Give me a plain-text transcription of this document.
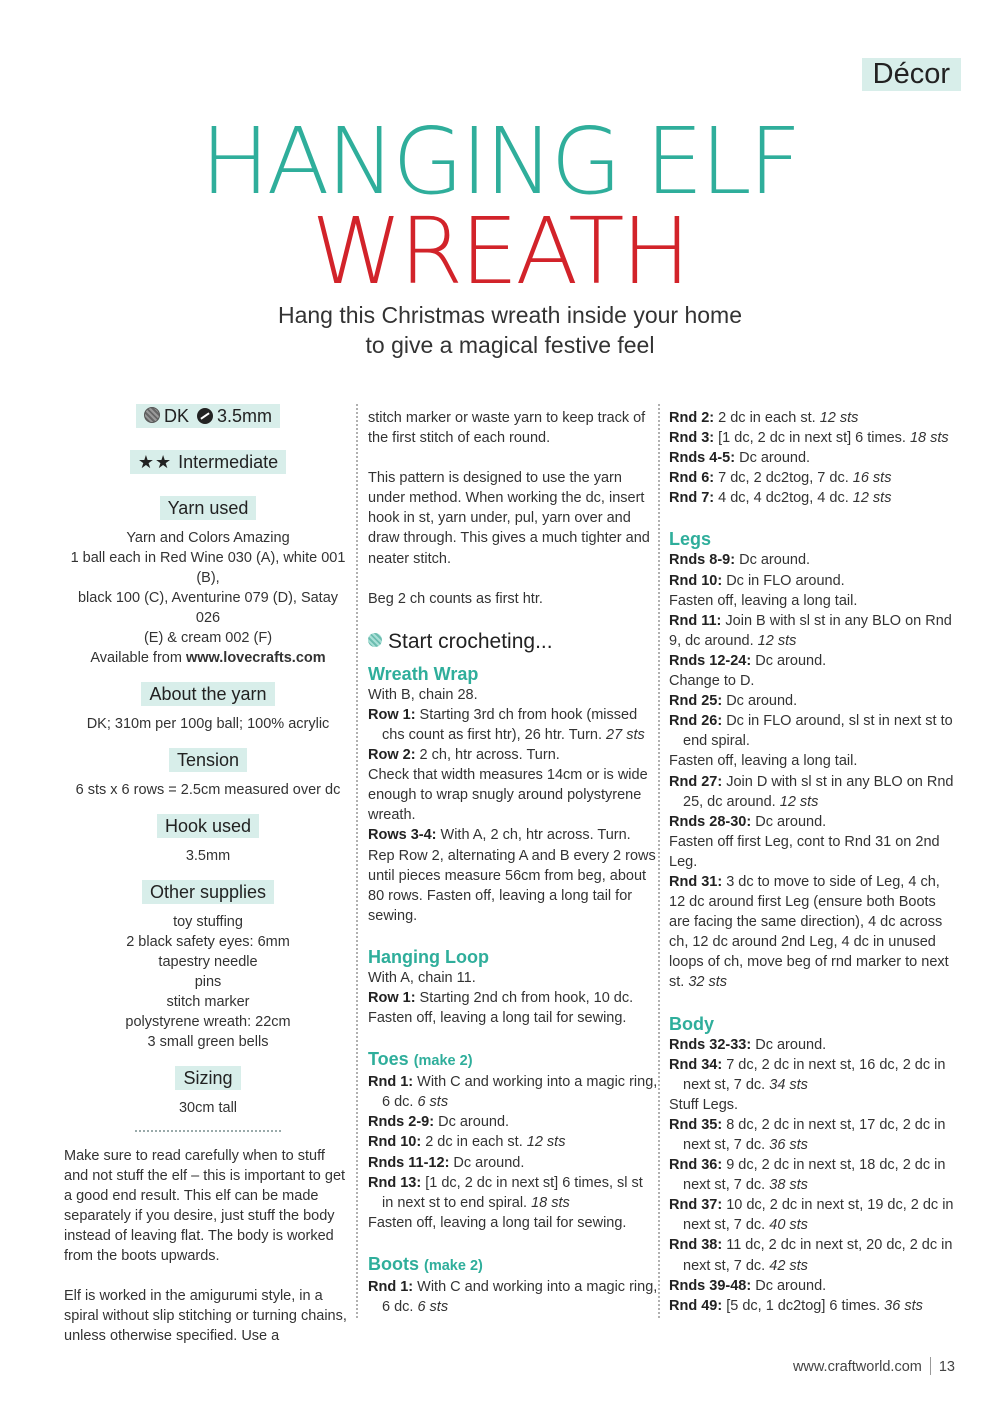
Décor
HANGING ELF
WREATH
Hang this Christmas wreath inside your home
to give a magical festive feel
DK 3.5mm
★★ Intermediate
Yarn used
Yarn and Colors Amazing
1 ball each in Red Wine 030 (A), white 001 (B),
black 100 (C), Aventurine 079 (D), Satay 026
(E) & cream 002 (F)
Available from www.lovecrafts.com
About the yarn
DK; 310m per 100g ball; 100% acrylic
Tension
6 sts x 6 rows = 2.5cm measured over dc
Hook used
3.5mm
Other supplies
toy stuffing
2 black safety eyes: 6mm
tapestry needle
pins
stitch marker
polystyrene wreath: 22cm
3 small green bells
Sizing
30cm tall

Make sure to read carefully when to stuff and not stuff the elf – this is important to get a good end result. This elf can be made separately if you desire, just stuff the body instead of leaving flat. The body is worked from the boots upwards.

Elf is worked in the amigurumi style, in a spiral without slip stitching or turning chains, unless otherwise specified. Use a

stitch marker or waste yarn to keep track of the first stitch of each round.

This pattern is designed to use the yarn under method. When working the dc, insert hook in st, yarn under, pul, yarn over and draw through. This gives a much tighter and neater stitch.

Beg 2 ch counts as first htr.

Start crocheting...
Wreath Wrap

With B, chain 28.

Row 1: Starting 3rd ch from hook (missed chs count as first htr), 26 htr. Turn. 27 sts

Row 2: 2 ch, htr across. Turn.

Check that width measures 14cm or is wide enough to wrap snugly around polystyrene wreath.

Rows 3-4: With A, 2 ch, htr across. Turn.

Rep Row 2, alternating A and B every 2 rows until pieces measure 56cm from beg, about 80 rows. Fasten off, leaving a long tail for sewing.

Hanging Loop

With A, chain 11.

Row 1: Starting 2nd ch from hook, 10 dc.

Fasten off, leaving a long tail for sewing.

Toes (make 2)

Rnd 1: With C and working into a magic ring, 6 dc. 6 sts

Rnds 2-9: Dc around.

Rnd 10: 2 dc in each st. 12 sts

Rnds 11-12: Dc around.

Rnd 13: [1 dc, 2 dc in next st] 6 times, sl st in next st to end spiral. 18 sts

Fasten off, leaving a long tail for sewing.

Boots (make 2)

Rnd 1: With C and working into a magic ring, 6 dc. 6 sts

Rnd 2: 2 dc in each st. 12 sts

Rnd 3: [1 dc, 2 dc in next st] 6 times. 18 sts

Rnds 4-5: Dc around.

Rnd 6: 7 dc, 2 dc2tog, 7 dc. 16 sts

Rnd 7: 4 dc, 4 dc2tog, 4 dc. 12 sts

Legs

Rnds 8-9: Dc around.

Rnd 10: Dc in FLO around.

Fasten off, leaving a long tail.

Rnd 11: Join B with sl st in any BLO on Rnd 9, dc around. 12 sts

Rnds 12-24: Dc around.

Change to D.

Rnd 25: Dc around.

Rnd 26: Dc in FLO around, sl st in next st to end spiral.

Fasten off, leaving a long tail.

Rnd 27: Join D with sl st in any BLO on Rnd 25, dc around. 12 sts

Rnds 28-30: Dc around.

Fasten off first Leg, cont to Rnd 31 on 2nd Leg.

Rnd 31: 3 dc to move to side of Leg, 4 ch, 12 dc around first Leg (ensure both Boots are facing the same direction), 4 dc across ch, 12 dc around 2nd Leg, 4 dc in unused loops of ch, move beg of rnd marker to next st. 32 sts

Body

Rnds 32-33: Dc around.

Rnd 34: 7 dc, 2 dc in next st, 16 dc, 2 dc in next st, 7 dc. 34 sts

Stuff Legs.

Rnd 35: 8 dc, 2 dc in next st, 17 dc, 2 dc in next st, 7 dc. 36 sts

Rnd 36: 9 dc, 2 dc in next st, 18 dc, 2 dc in next st, 7 dc. 38 sts

Rnd 37: 10 dc, 2 dc in next st, 19 dc, 2 dc in next st, 7 dc. 40 sts

Rnd 38: 11 dc, 2 dc in next st, 20 dc, 2 dc in next st, 7 dc. 42 sts

Rnds 39-48: Dc around.

Rnd 49: [5 dc, 1 dc2tog] 6 times. 36 sts

www.craftworld.com 13
